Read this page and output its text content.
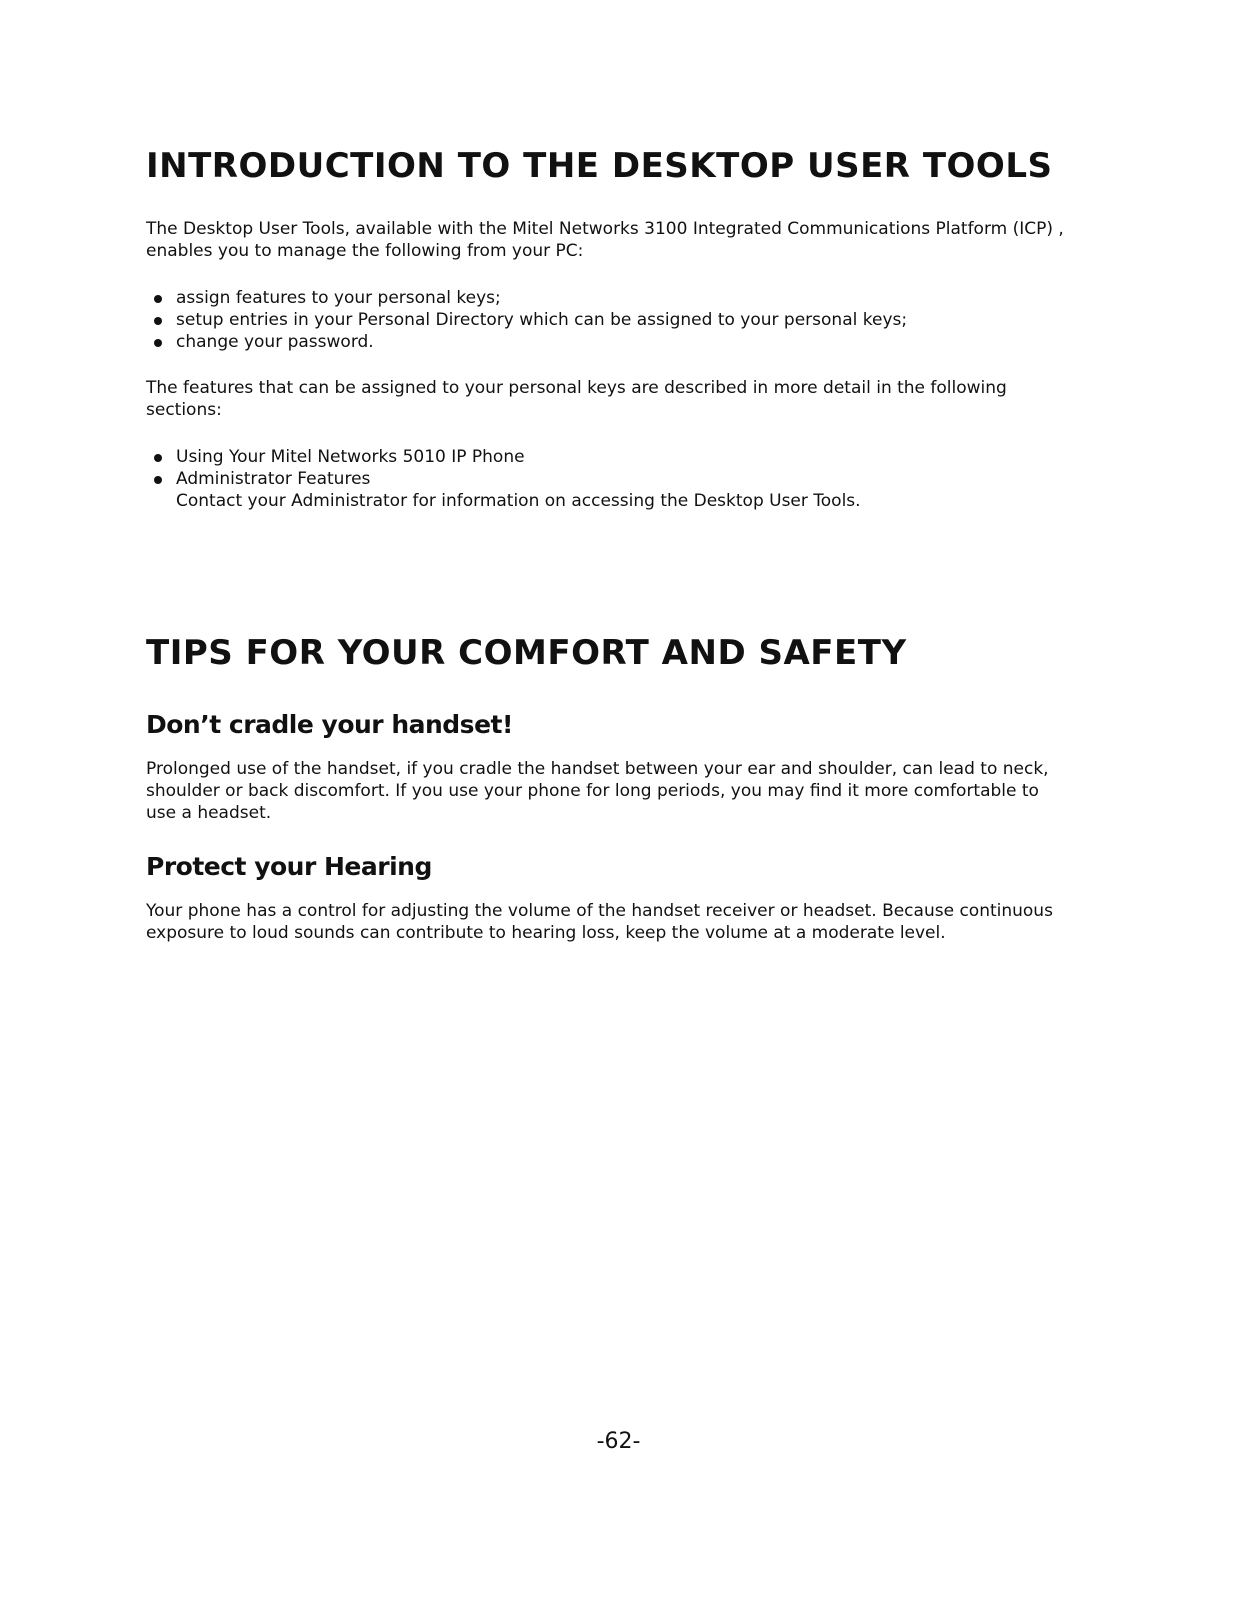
INTRODUCTION TO THE DESKTOP USER TOOLS

The Desktop User Tools, available with the Mitel Networks 3100 Integrated Communications Platform (ICP) , enables you to manage the following from your PC:

assign features to your personal keys;
setup entries in your Personal Directory which can be assigned to your personal keys;
change your password.

The features that can be assigned to your personal keys are described in more detail in the following sections:

Using Your Mitel Networks 5010 IP Phone
Administrator Features
Contact your Administrator for information on accessing the Desktop User Tools.
TIPS FOR YOUR COMFORT AND SAFETY
Don’t cradle your handset!

Prolonged use of the handset, if you cradle the handset between your ear and shoulder, can lead to neck, shoulder or back discomfort. If you use your phone for long periods, you may find it more comfortable to use a headset.

Protect your Hearing

Your phone has a control for adjusting the volume of the handset receiver or headset. Because continuous exposure to loud sounds can contribute to hearing loss, keep the volume at a moderate level.

-62-
